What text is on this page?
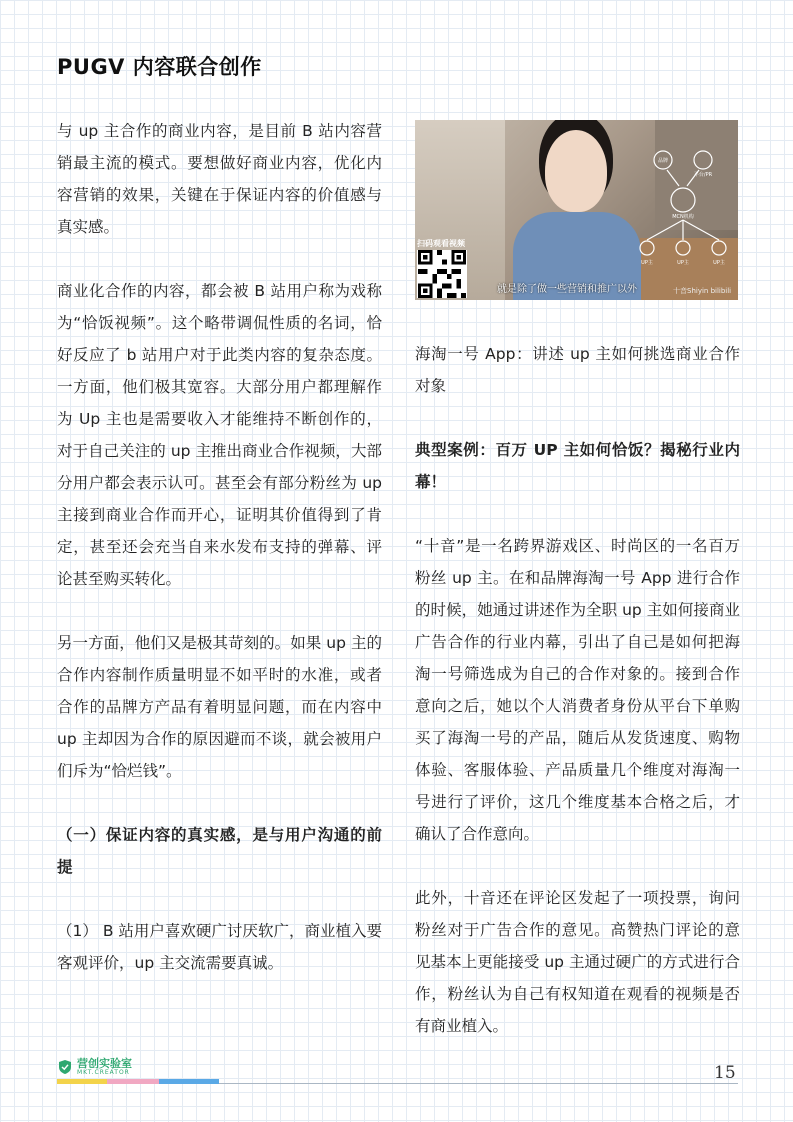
PUGV 内容联合创作

与 up 主合作的商业内容，是目前 B 站内容营销最主流的模式。要想做好商业内容，优化内容营销的效果，关键在于保证内容的价值感与真实感。

商业化合作的内容，都会被 B 站用户称为戏称为“恰饭视频”。这个略带调侃性质的名词，恰好反应了 b 站用户对于此类内容的复杂态度。一方面，他们极其宽容。大部分用户都理解作为 Up 主也是需要收入才能维持不断创作的，对于自己关注的 up 主推出商业合作视频，大部分用户都会表示认可。甚至会有部分粉丝为 up 主接到商业合作而开心，证明其价值得到了肯定，甚至还会充当自来水发布支持的弹幕、评论甚至购买转化。

另一方面，他们又是极其苛刻的。如果 up 主的合作内容制作质量明显不如平时的水准，或者合作的品牌方产品有着明显问题，而在内容中 up 主却因为合作的原因避而不谈，就会被用户们斥为“恰烂钱”。

（一）保证内容的真实感，是与用户沟通的前提

（1） B 站用户喜欢硬广讨厌软广，商业植入要客观评价，up 主交流需要真诚。

品牌
平台/PR
MCN机构
UP主	UP主	UP主
扫码观看视频
就是除了做一些营销和推广以外	十音Shiyin bilibili

海淘一号 App：讲述 up 主如何挑选商业合作对象

典型案例：百万 UP 主如何恰饭？揭秘行业内幕！

“十音”是一名跨界游戏区、时尚区的一名百万粉丝 up 主。在和品牌海淘一号 App 进行合作的时候，她通过讲述作为全职 up 主如何接商业广告合作的行业内幕，引出了自己是如何把海淘一号筛选成为自己的合作对象的。接到合作意向之后，她以个人消费者身份从平台下单购买了海淘一号的产品，随后从发货速度、购物体验、客服体验、产品质量几个维度对海淘一号进行了评价，这几个维度基本合格之后，才确认了合作意向。

此外，十音还在评论区发起了一项投票，询问粉丝对于广告合作的意见。高赞热门评论的意见基本上更能接受 up 主通过硬广的方式进行合作，粉丝认为自己有权知道在观看的视频是否有商业植入。

营创实验室
MKT.CREATOR	15
